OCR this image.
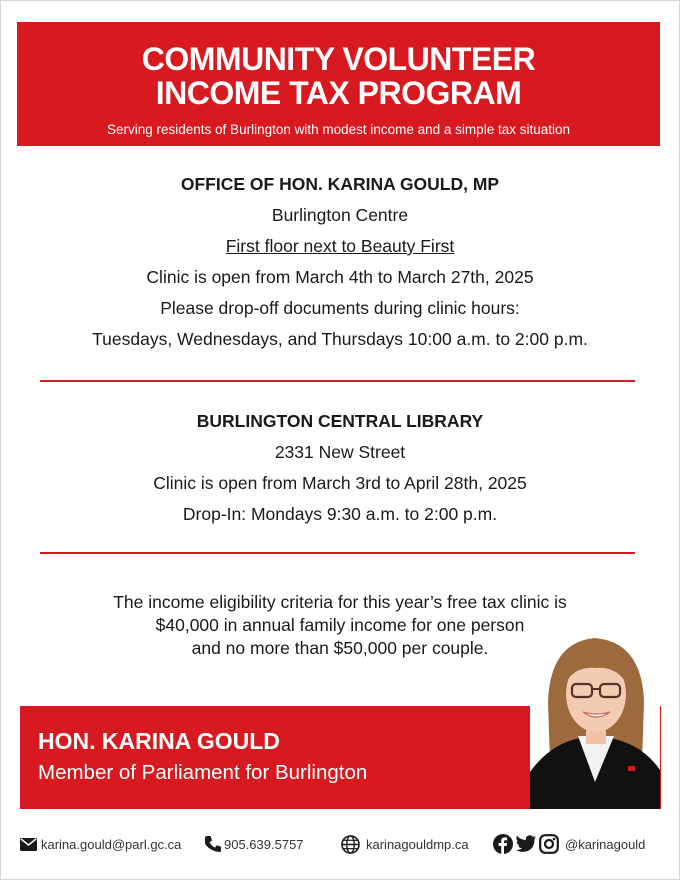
COMMUNITY VOLUNTEER
INCOME TAX PROGRAM
Serving residents of Burlington with modest income and a simple tax situation
OFFICE OF HON. KARINA GOULD, MP
Burlington Centre
First floor next to Beauty First
Clinic is open from March 4th to March 27th, 2025
Please drop-off documents during clinic hours:
Tuesdays, Wednesdays, and Thursdays 10:00 a.m. to 2:00 p.m.
BURLINGTON CENTRAL LIBRARY
2331 New Street
Clinic is open from March 3rd to April 28th, 2025
Drop-In: Mondays 9:30 a.m. to 2:00 p.m.
The income eligibility criteria for this year’s free tax clinic is
$40,000 in annual family income for one person
and no more than $50,000 per couple.
HON. KARINA GOULD
Member of Parliament for Burlington
karina.gould@parl.gc.ca	905.639.5757	karinagouldmp.ca	@karinagould
